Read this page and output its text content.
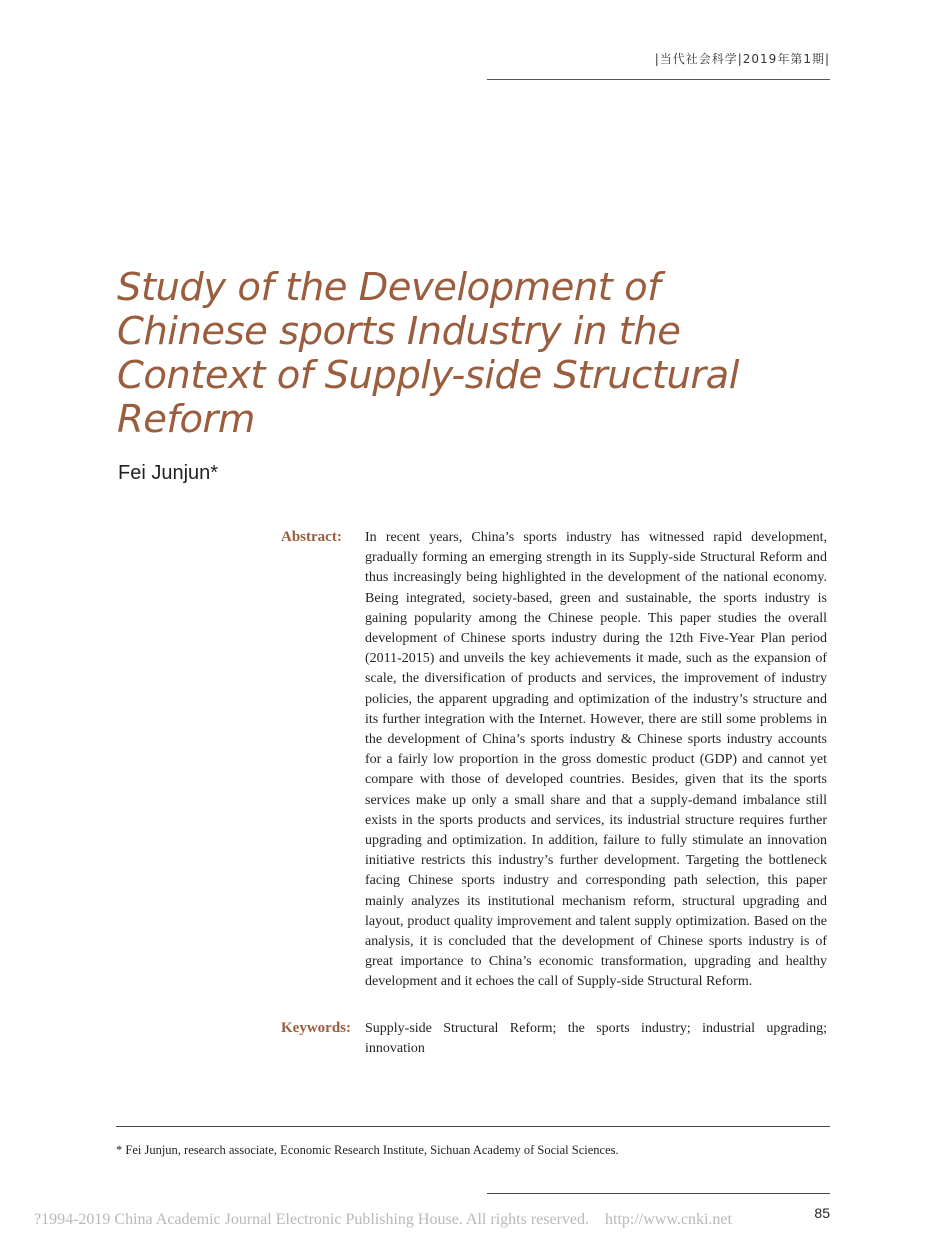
|当代社会科学|2019年第1期|
Study of the Development of Chinese sports Industry in the Context of Supply-side Structural Reform
Fei Junjun*
Abstract: In recent years, China’s sports industry has witnessed rapid development, gradually forming an emerging strength in its Supply-side Structural Reform and thus increasingly being highlighted in the development of the national economy. Being integrated, society-based, green and sustainable, the sports industry is gaining popularity among the Chinese people. This paper studies the overall development of Chinese sports industry during the 12th Five-Year Plan period (2011-2015) and unveils the key achievements it made, such as the expansion of scale, the diversification of products and services, the improvement of industry policies, the apparent upgrading and optimization of the industry’s structure and its further integration with the Internet. However, there are still some problems in the development of China’s sports industry & Chinese sports industry accounts for a fairly low proportion in the gross domestic product (GDP) and cannot yet compare with those of developed countries. Besides, given that its the sports services make up only a small share and that a supply-demand imbalance still exists in the sports products and services, its industrial structure requires further upgrading and optimization. In addition, failure to fully stimulate an innovation initiative restricts this industry’s further development. Targeting the bottleneck facing Chinese sports industry and corresponding path selection, this paper mainly analyzes its institutional mechanism reform, structural upgrading and layout, product quality improvement and talent supply optimization. Based on the analysis, it is concluded that the development of Chinese sports industry is of great importance to China’s economic transformation, upgrading and healthy development and it echoes the call of Supply-side Structural Reform.

Keywords: Supply-side Structural Reform; the sports industry; industrial upgrading; innovation

* Fei Junjun, research associate, Economic Research Institute, Sichuan Academy of Social Sciences.
85
?1994-2019 China Academic Journal Electronic Publishing House. All rights reserved.    http://www.cnki.net
